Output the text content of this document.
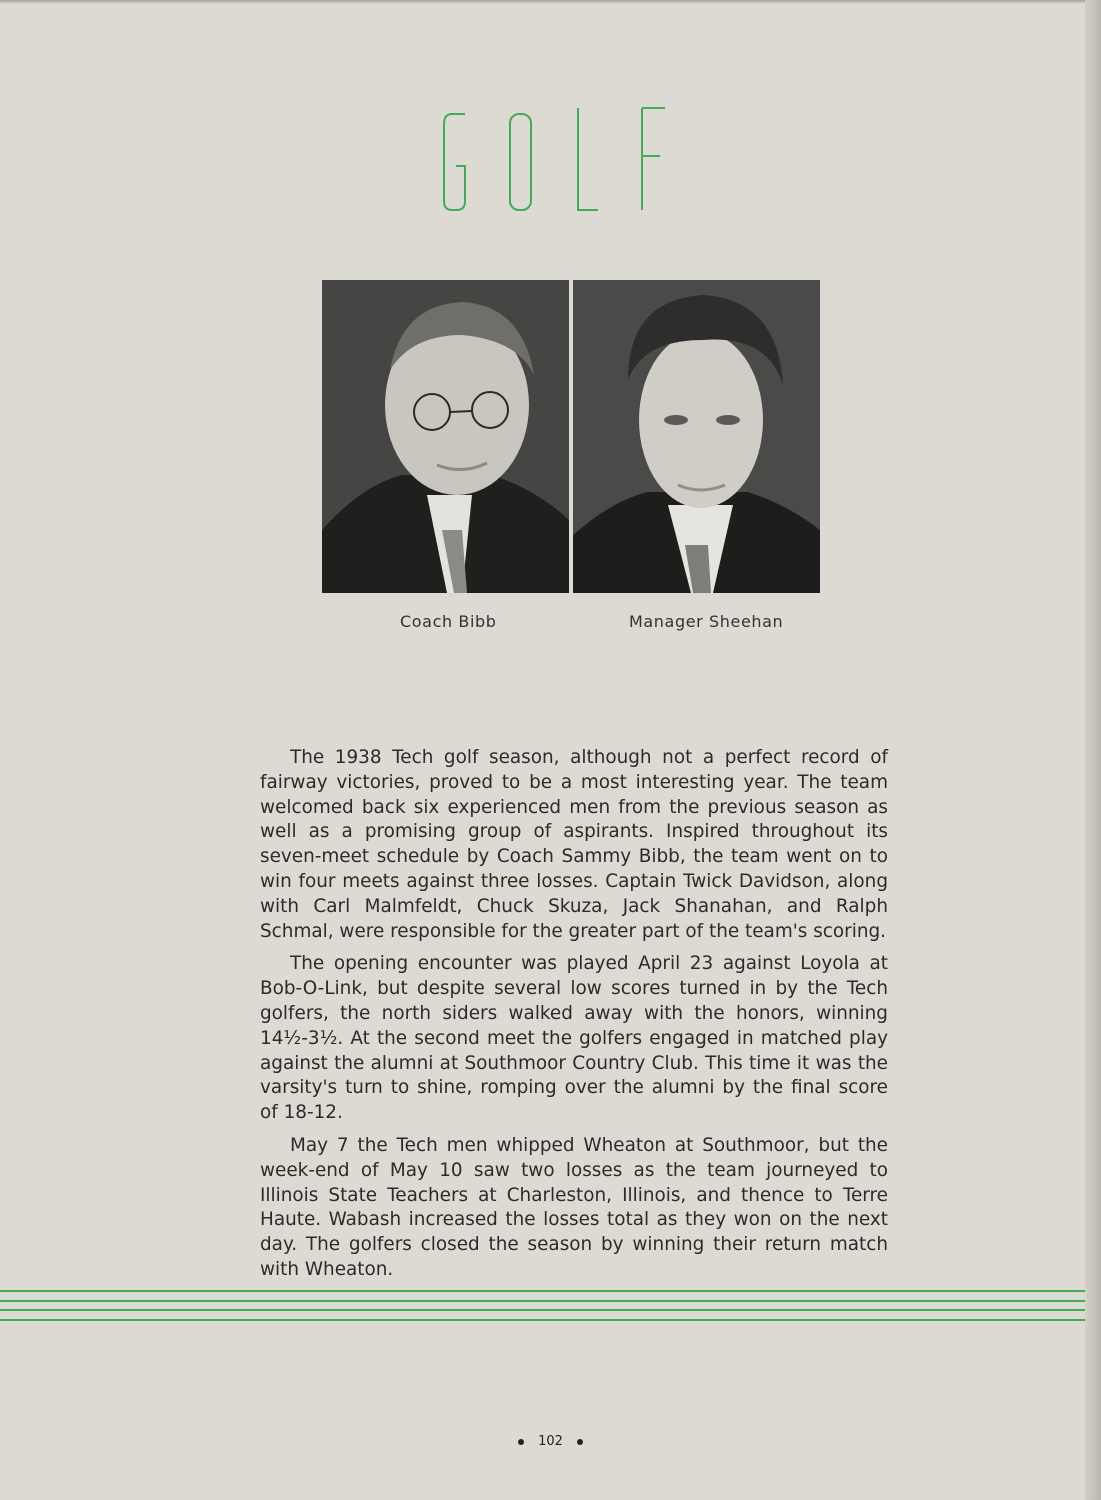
Coach Bibb	Manager Sheehan

The 1938 Tech golf season, although not a perfect record of fairway victories, proved to be a most interesting year. The team welcomed back six experienced men from the previous season as well as a promising group of aspirants. Inspired throughout its seven-meet schedule by Coach Sammy Bibb, the team went on to win four meets against three losses. Captain Twick Davidson, along with Carl Malmfeldt, Chuck Skuza, Jack Shanahan, and Ralph Schmal, were responsible for the greater part of the team's scoring.

The opening encounter was played April 23 against Loyola at Bob-O-Link, but despite several low scores turned in by the Tech golfers, the north siders walked away with the honors, winning 14½-3½. At the second meet the golfers engaged in matched play against the alumni at Southmoor Country Club. This time it was the varsity's turn to shine, romping over the alumni by the final score of 18-12.

May 7 the Tech men whipped Wheaton at Southmoor, but the week-end of May 10 saw two losses as the team journeyed to Illinois State Teachers at Charleston, Illinois, and thence to Terre Haute. Wabash increased the losses total as they won on the next day. The golfers closed the season by winning their return match with Wheaton.

102
